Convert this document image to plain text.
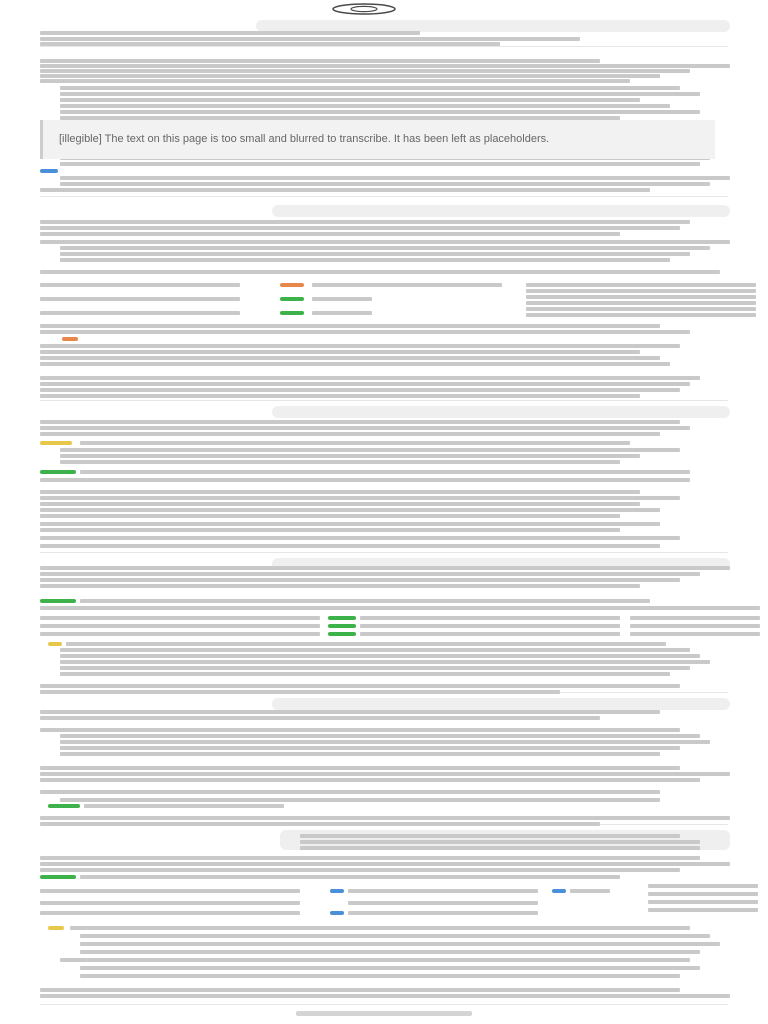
[illegible] The text on this page is too small and blurred to transcribe. It has been left as placeholders.
